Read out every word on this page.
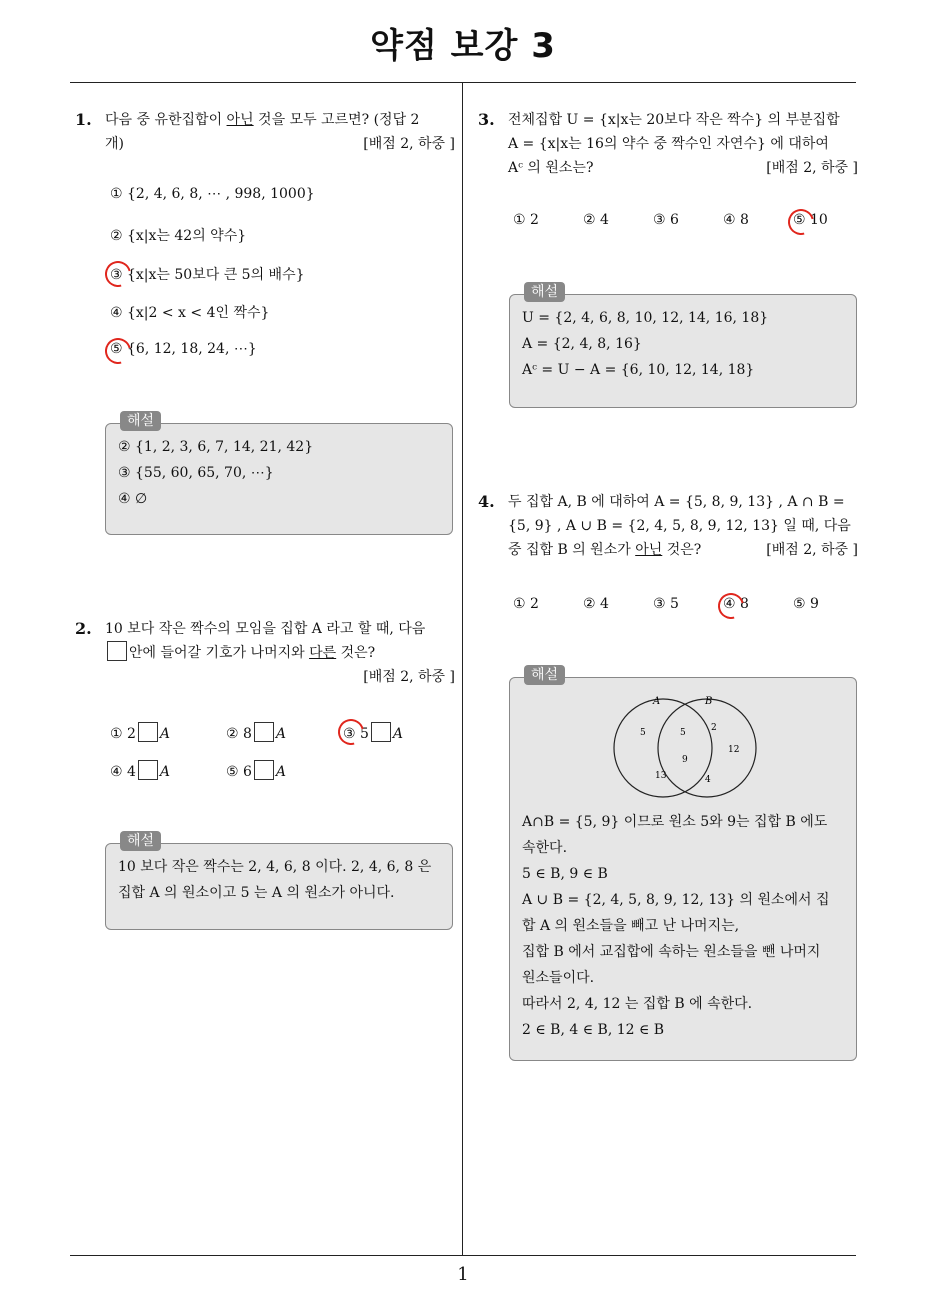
약점 보강 3
1. 다음 중 유한집합이 아닌 것을 모두 고르면? (정답 2
개)	[배점 2, 하중 ]
① {2, 4, 6, 8, ⋯ , 998, 1000}
② {x|x는 42의 약수}
③ {x|x는 50보다 큰 5의 배수}
④ {x|2 < x < 4인 짝수}
⑤ {6, 12, 18, 24, ⋯}
해설
② {1, 2, 3, 6, 7, 14, 21, 42}
③ {55, 60, 65, 70, ⋯}
④ ∅
2. 10 보다 작은 짝수의 모임을 집합 A 라고 할 때, 다음
안에 들어갈 기호가 나머지와 다른 것은?
[배점 2, 하중 ]
① 2 A	② 8 A	③ 5 A
④ 4 A	⑤ 6 A
해설
10 보다 작은 짝수는 2, 4, 6, 8 이다. 2, 4, 6, 8 은
집합 A 의 원소이고 5 는 A 의 원소가 아니다.
3. 전체집합 U = {x|x는 20보다 작은 짝수} 의 부분집합
A = {x|x는 16의 약수 중 짝수인 자연수} 에 대하여
Aᶜ 의 원소는?	[배점 2, 하중 ]
① 2	② 4	③ 6	④ 8	⑤ 10
해설
U = {2, 4, 6, 8, 10, 12, 14, 16, 18}
A = {2, 4, 8, 16}
Aᶜ = U − A = {6, 10, 12, 14, 18}
4. 두 집합 A, B 에 대하여 A = {5, 8, 9, 13} , A ∩ B =
{5, 9} , A ∪ B = {2, 4, 5, 8, 9, 12, 13} 일 때, 다음
중 집합 B 의 원소가 아닌 것은?	[배점 2, 하중 ]
① 2	② 4	③ 5	④ 8	⑤ 9
해설
A	B
5
13
5
9
2
12
4
A∩B = {5, 9} 이므로 원소 5와 9는 집합 B 에도
속한다.
5 ∈ B, 9 ∈ B
A ∪ B = {2, 4, 5, 8, 9, 12, 13} 의 원소에서 집
합 A 의 원소들을 빼고 난 나머지는,
집합 B 에서 교집합에 속하는 원소들을 뺀 나머지
원소들이다.
따라서 2, 4, 12 는 집합 B 에 속한다.
2 ∈ B, 4 ∈ B, 12 ∈ B
1
